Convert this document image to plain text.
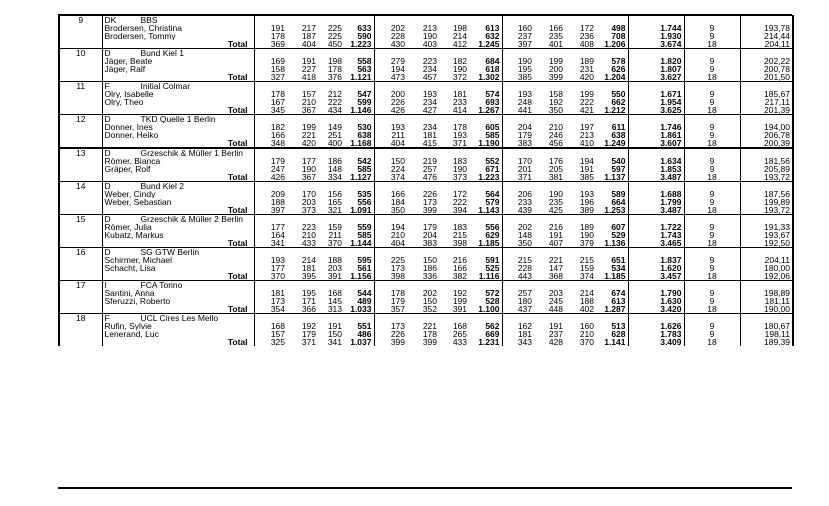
9	DK BBS															
	Brodersen, Christina	191	217	225	633	202	213	198	613	160	166	172	498	1.744	9	193,78
	Brodersen, Tommy	178	187	225	590	228	190	214	632	237	235	236	708	1.930	9	214,44
	Total	369	404	450	1.223	430	403	412	1.245	397	401	408	1.206	3.674	18	204,11
10	D Bund Kiel 1															
	Jäger, Beate	169	191	198	558	279	223	182	684	190	199	189	578	1.820	9	202,22
	Jäger, Ralf	158	227	178	563	194	234	190	618	195	200	231	626	1.807	9	200,78
	Total	327	418	376	1.121	473	457	372	1.302	385	399	420	1.204	3.627	18	201,50
11	F Initial Colmar															
	Olry, Isabelle	178	157	212	547	200	193	181	574	193	158	199	550	1.671	9	185,67
	Olry, Theo	167	210	222	599	226	234	233	693	248	192	222	662	1.954	9	217,11
	Total	345	367	434	1.146	426	427	414	1.267	441	350	421	1.212	3.625	18	201,39
12	D TKD Quelle 1 Berlin															
	Donner, Ines	182	199	149	530	193	234	178	605	204	210	197	611	1.746	9	194,00
	Donner, Heiko	166	221	251	638	211	181	193	585	179	246	213	638	1.861	9	206,78
	Total	348	420	400	1.168	404	415	371	1.190	383	456	410	1.249	3.607	18	200,39
13	D Grzeschik & Müller 1 Berlin															
	Römer, Bianca	179	177	186	542	150	219	183	552	170	176	194	540	1.634	9	181,56
	Gräper, Rolf	247	190	148	585	224	257	190	671	201	205	191	597	1.853	9	205,89
	Total	426	367	334	1.127	374	476	373	1.223	371	381	385	1.137	3.487	18	193,72
14	D Bund Kiel 2															
	Weber, Cindy	209	170	156	535	166	226	172	564	206	190	193	589	1.688	9	187,56
	Weber, Sebastian	188	203	165	556	184	173	222	579	233	235	196	664	1.799	9	199,89
	Total	397	373	321	1.091	350	399	394	1.143	439	425	389	1.253	3.487	18	193,72
15	D Grzeschik & Müller 2 Berlin															
	Römer, Julia	177	223	159	559	194	179	183	556	202	216	189	607	1.722	9	191,33
	Kubatz, Markus	164	210	211	585	210	204	215	629	148	191	190	529	1.743	9	193,67
	Total	341	433	370	1.144	404	383	398	1.185	350	407	379	1.136	3.465	18	192,50
16	D SG GTW Berlin															
	Schirmer, Michael	193	214	188	595	225	150	216	591	215	221	215	651	1.837	9	204,11
	Schacht, Lisa	177	181	203	561	173	186	166	525	228	147	159	534	1.620	9	180,00
	Total	370	395	391	1.156	398	336	382	1.116	443	368	374	1.185	3.457	18	192,06
17	I FCA Torino															
	Santini, Anna	181	195	168	544	178	202	192	572	257	203	214	674	1.790	9	198,89
	Sferuzzi, Roberto	173	171	145	489	179	150	199	528	180	245	188	613	1.630	9	181,11
	Total	354	366	313	1.033	357	352	391	1.100	437	448	402	1.287	3.420	18	190,00
18	F UCL Cires Les Mello															
	Rufin, Sylvie	168	192	191	551	173	221	168	562	162	191	160	513	1.626	9	180,67
	Lenerand, Luc	157	179	150	486	226	178	265	669	181	237	210	628	1.783	9	198,11
	Total	325	371	341	1.037	399	399	433	1.231	343	428	370	1.141	3.409	18	189,39
